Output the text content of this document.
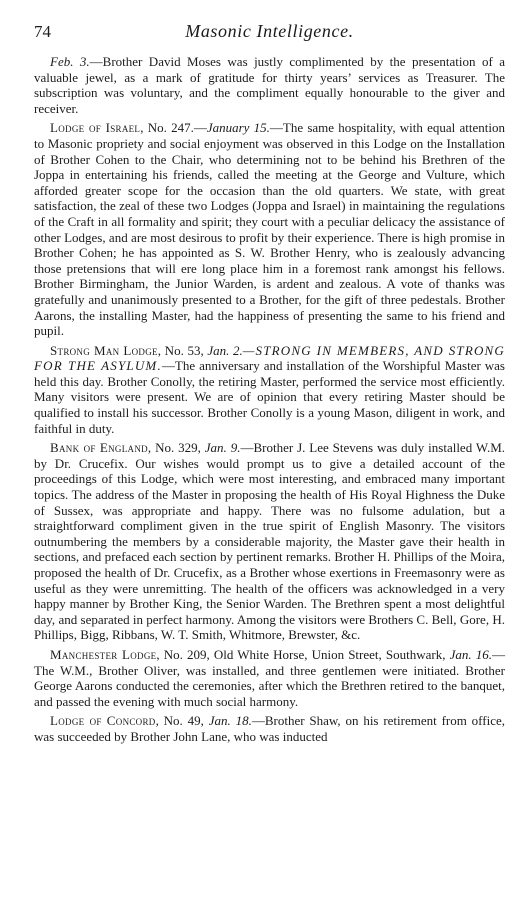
74	Masonic Intelligence.

Feb. 3.—Brother David Moses was justly complimented by the presentation of a valuable jewel, as a mark of gratitude for thirty years’ services as Treasurer. The subscription was voluntary, and the compliment equally honourable to the giver and receiver.

Lodge of Israel, No. 247.—January 15.—The same hospitality, with equal attention to Masonic propriety and social enjoyment was observed in this Lodge on the Installation of Brother Cohen to the Chair, who determining not to be behind his Brethren of the Joppa in entertaining his friends, called the meeting at the George and Vulture, which afforded greater scope for the occasion than the old quarters. We state, with great satisfaction, the zeal of these two Lodges (Joppa and Israel) in maintaining the regulations of the Craft in all formality and spirit; they court with a peculiar delicacy the assistance of other Lodges, and are most desirous to profit by their experience. There is high promise in Brother Cohen; he has appointed as S. W. Brother Henry, who is zealously advancing those pretensions that will ere long place him in a foremost rank amongst his fellows. Brother Birmingham, the Junior Warden, is ardent and zealous. A vote of thanks was gratefully and unanimously presented to a Brother, for the gift of three pedestals. Brother Aarons, the installing Master, had the happiness of presenting the same to his friend and pupil.

Strong Man Lodge, No. 53, Jan. 2.—STRONG IN MEMBERS, AND STRONG FOR THE ASYLUM.—The anniversary and installation of the Worshipful Master was held this day. Brother Conolly, the retiring Master, performed the service most efficiently. Many visitors were present. We are of opinion that every retiring Master should be qualified to install his successor. Brother Conolly is a young Mason, diligent in work, and faithful in duty.

Bank of England, No. 329, Jan. 9.—Brother J. Lee Stevens was duly installed W.M. by Dr. Crucefix. Our wishes would prompt us to give a detailed account of the proceedings of this Lodge, which were most interesting, and embraced many important topics. The address of the Master in proposing the health of His Royal Highness the Duke of Sussex, was appropriate and happy. There was no fulsome adulation, but a straightforward compliment given in the true spirit of English Masonry. The visitors outnumbering the members by a considerable majority, the Master gave their health in sections, and prefaced each section by pertinent remarks. Brother H. Phillips of the Moira, proposed the health of Dr. Crucefix, as a Brother whose exertions in Freemasonry were as useful as they were unremitting. The health of the officers was acknowledged in a very happy manner by Brother King, the Senior Warden. The Brethren spent a most delightful day, and separated in perfect harmony. Among the visitors were Brothers C. Bell, Gore, H. Phillips, Bigg, Ribbans, W. T. Smith, Whitmore, Brewster, &c.

Manchester Lodge, No. 209, Old White Horse, Union Street, Southwark, Jan. 16.—The W.M., Brother Oliver, was installed, and three gentlemen were initiated. Brother George Aarons conducted the ceremonies, after which the Brethren retired to the banquet, and passed the evening with much social harmony.

Lodge of Concord, No. 49, Jan. 18.—Brother Shaw, on his retirement from office, was succeeded by Brother John Lane, who was inducted
